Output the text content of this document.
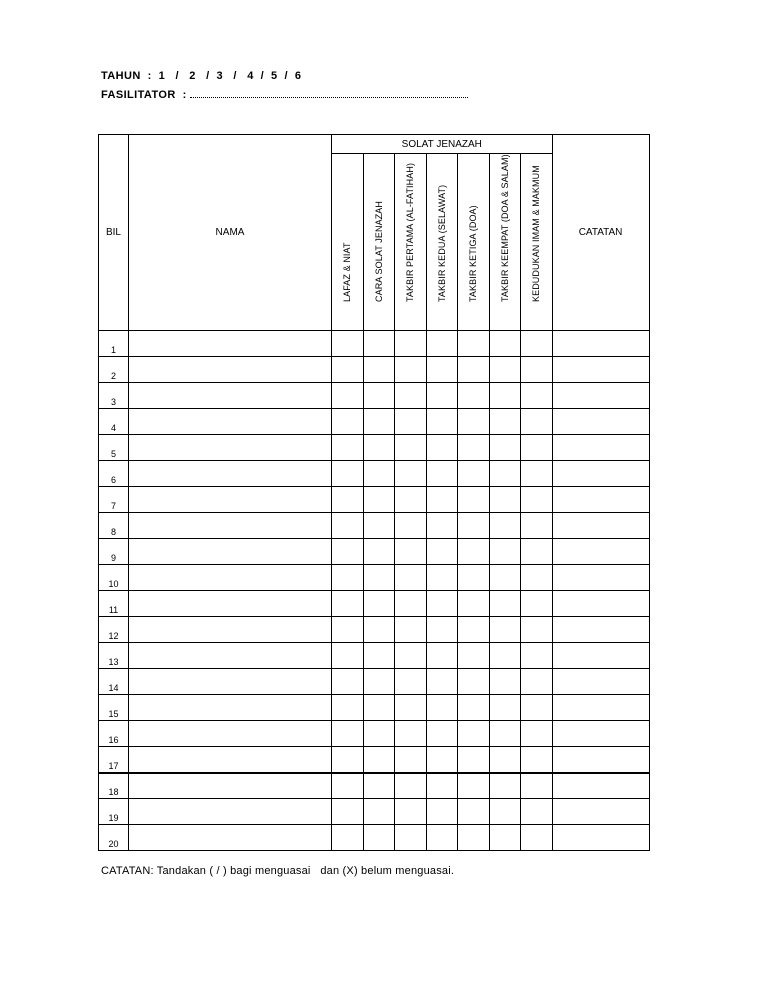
TAHUN  :  1   /   2   /  3   /   4  /  5  /  6
FASILITATOR  :
BIL	NAMA	SOLAT JENAZAH							CATATAN

		LAFAZ & NIAT	CARA SOLAT JENAZAH	TAKBIR PERTAMA (AL-FATIHAH)	TAKBIR KEDUA (SELAWAT)	TAKBIR KETIGA (DOA)	TAKBIR KEEMPAT (DOA & SALAM)	KEDUDUKAN IMAM & MAKMUM	

1									
2									
3									
4									
5									
6									
7									
8									
9									
10									
11									
12									
13									
14									
15									
16									
17									
18									
19									
20									
CATATAN: Tandakan ( / ) bagi menguasai   dan (X) belum menguasai.
